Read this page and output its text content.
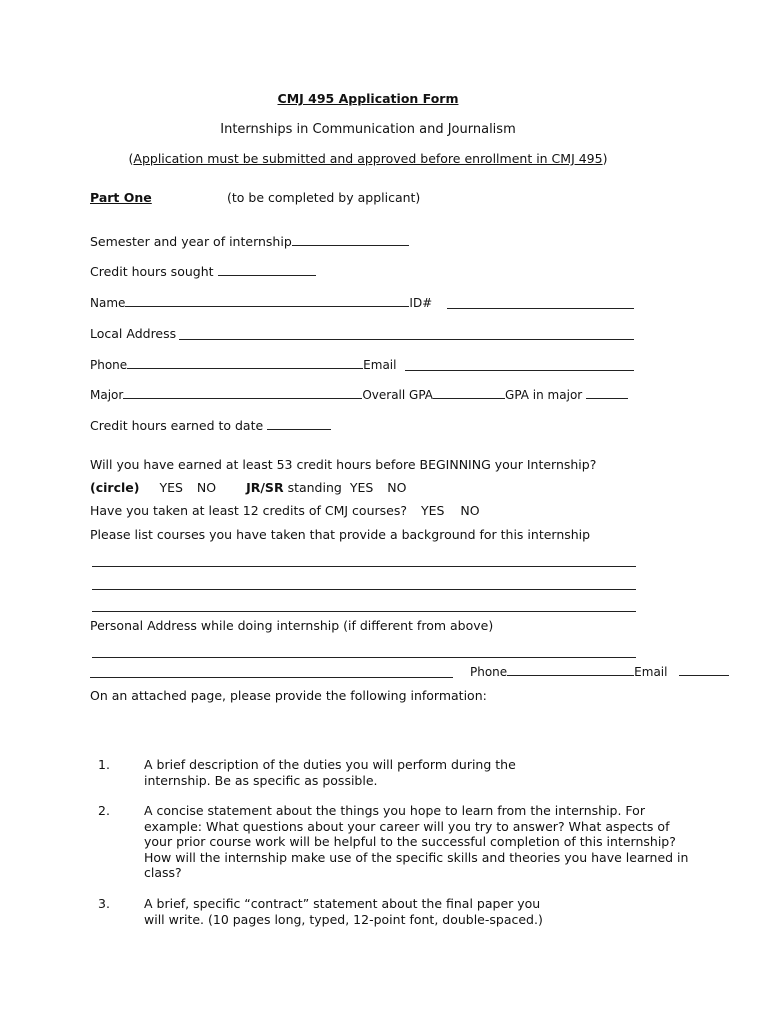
CMJ 495 Application Form
Internships in Communication and Journalism
(Application must be submitted and approved before enrollment in CMJ 495)
Part One	(to be completed by applicant)
Semester and year of internship
Credit hours sought
Name	ID#
Local Address
Phone	Email
Major	Overall GPA	GPA in major
Credit hours earned to date
Will you have earned at least 53 credit hours before BEGINNING your Internship?
(circle) YES NO JR/SR standing YES NO
Have you taken at least 12 credits of CMJ courses? YES NO
Please list courses you have taken that provide a background for this internship
Personal Address while doing internship (if different from above)
Phone	Email
On an attached page, please provide the following information:
1.	A brief description of the duties you will perform during the internship. Be as specific as possible.
2.	A concise statement about the things you hope to learn from the internship. For example: What questions about your career will you try to answer? What aspects of your prior course work will be helpful to the successful completion of this internship? How will the internship make use of the specific skills and theories you have learned in class?
3.	A brief, specific “contract” statement about the final paper you will write. (10 pages long, typed, 12-point font, double-spaced.)
